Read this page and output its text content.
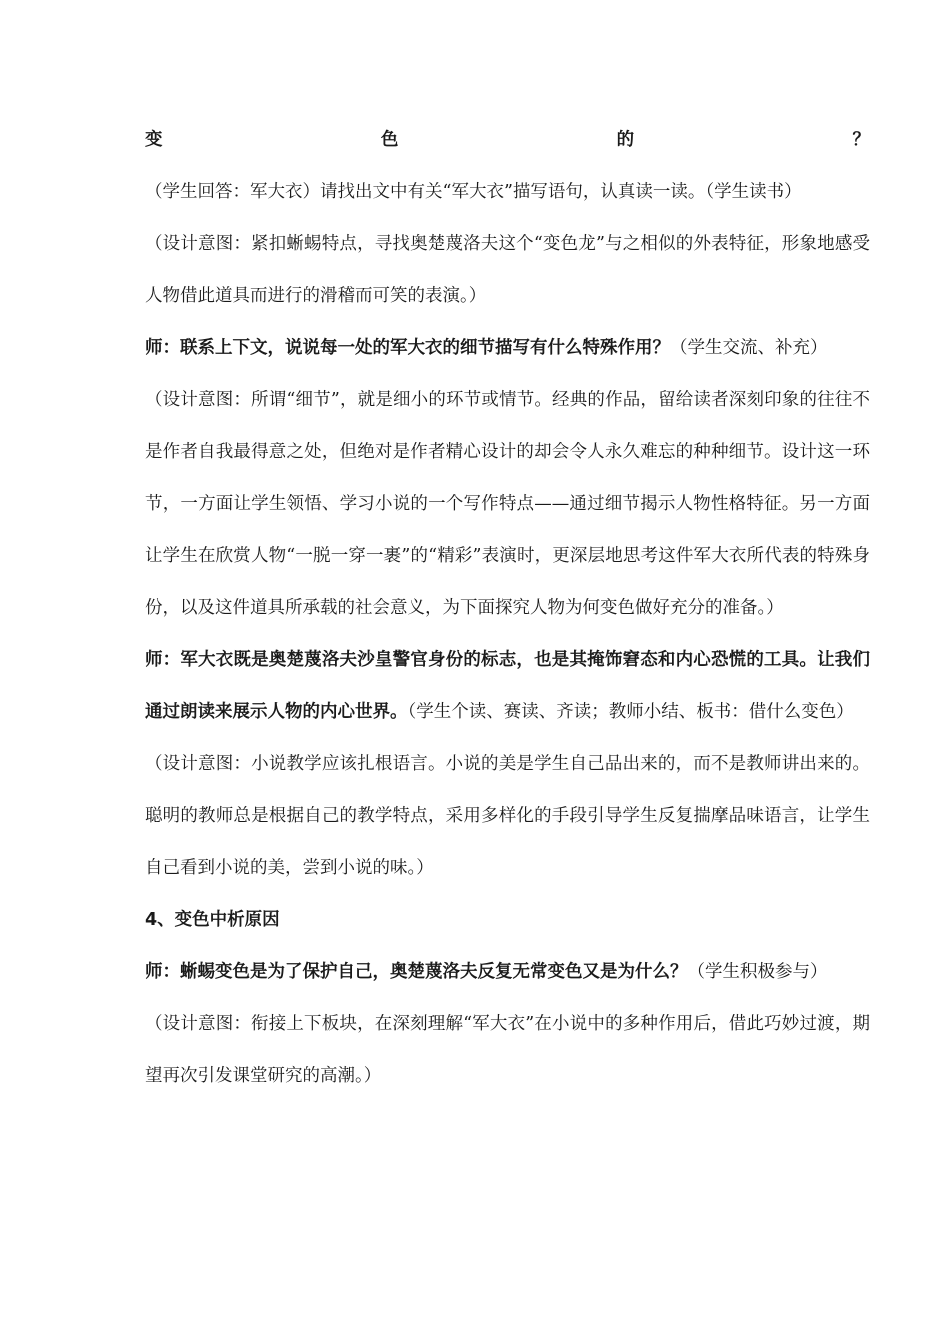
变色的？（学生回答：军大衣）请找出文中有关“军大衣”描写语句，认真读一读。（学生读书）

（设计意图：紧扣蜥蜴特点，寻找奥楚蔑洛夫这个“变色龙”与之相似的外表特征，形象地感受人物借此道具而进行的滑稽而可笑的表演。）

师：联系上下文，说说每一处的军大衣的细节描写有什么特殊作用？（学生交流、补充）

（设计意图：所谓“细节”，就是细小的环节或情节。经典的作品，留给读者深刻印象的往往不是作者自我最得意之处，但绝对是作者精心设计的却会令人永久难忘的种种细节。设计这一环节，一方面让学生领悟、学习小说的一个写作特点——通过细节揭示人物性格特征。另一方面让学生在欣赏人物“一脱一穿一裹”的“精彩”表演时，更深层地思考这件军大衣所代表的特殊身份，以及这件道具所承载的社会意义，为下面探究人物为何变色做好充分的准备。）

师：军大衣既是奥楚蔑洛夫沙皇警官身份的标志，也是其掩饰窘态和内心恐慌的工具。让我们通过朗读来展示人物的内心世界。（学生个读、赛读、齐读；教师小结、板书：借什么变色）

（设计意图：小说教学应该扎根语言。小说的美是学生自己品出来的，而不是教师讲出来的。聪明的教师总是根据自己的教学特点，采用多样化的手段引导学生反复揣摩品味语言，让学生自己看到小说的美，尝到小说的味。）

4、变色中析原因

师：蜥蜴变色是为了保护自己，奥楚蔑洛夫反复无常变色又是为什么？（学生积极参与）

（设计意图：衔接上下板块，在深刻理解“军大衣”在小说中的多种作用后，借此巧妙过渡，期望再次引发课堂研究的高潮。）
